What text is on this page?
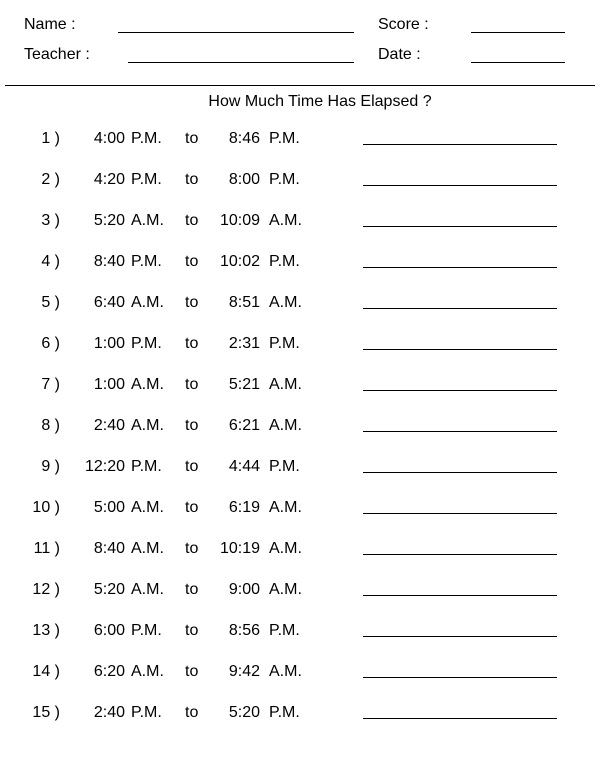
Name :
Teacher :
Score :
Date :
How Much Time Has Elapsed ?
1 )	4:00 P.M. to	8:46 P.M.
2 )	4:20 P.M. to	8:00 P.M.
3 )	5:20 A.M. to	10:09 A.M.
4 )	8:40 P.M. to	10:02 P.M.
5 )	6:40 A.M. to	8:51 A.M.
6 )	1:00 P.M. to	2:31 P.M.
7 )	1:00 A.M. to	5:21 A.M.
8 )	2:40 A.M. to	6:21 A.M.
9 )	12:20 P.M. to	4:44 P.M.
10 )	5:00 A.M. to	6:19 A.M.
11 )	8:40 A.M. to	10:19 A.M.
12 )	5:20 A.M. to	9:00 A.M.
13 )	6:00 P.M. to	8:56 P.M.
14 )	6:20 A.M. to	9:42 A.M.
15 )	2:40 P.M. to	5:20 P.M.
